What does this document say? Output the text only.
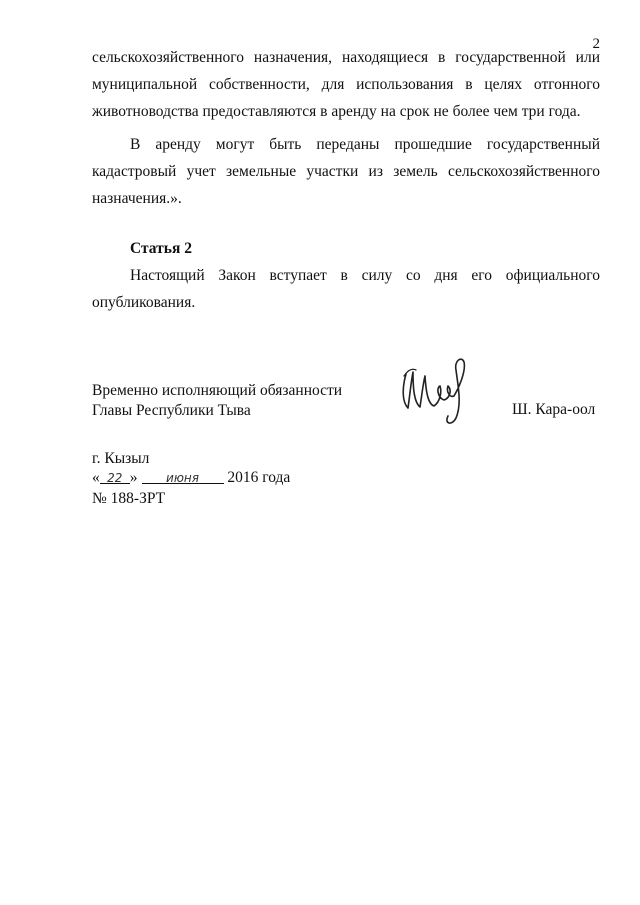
2

сельскохозяйственного назначения, находящиеся в государственной или муниципальной собственности, для использования в целях отгонного животноводства предоставляются в аренду на срок не более чем три года.

В аренду могут быть переданы прошедшие государственный кадастровый учет земельные участки из земель сельскохозяйственного назначения.».

Статья 2

Настоящий Закон вступает в силу со дня его официального опубликования.

Временно исполняющий обязанности
Главы Республики Тыва	Ш. Кара-оол
г. Кызыл
« 22 » июня 2016 года
№ 188-ЗРТ
